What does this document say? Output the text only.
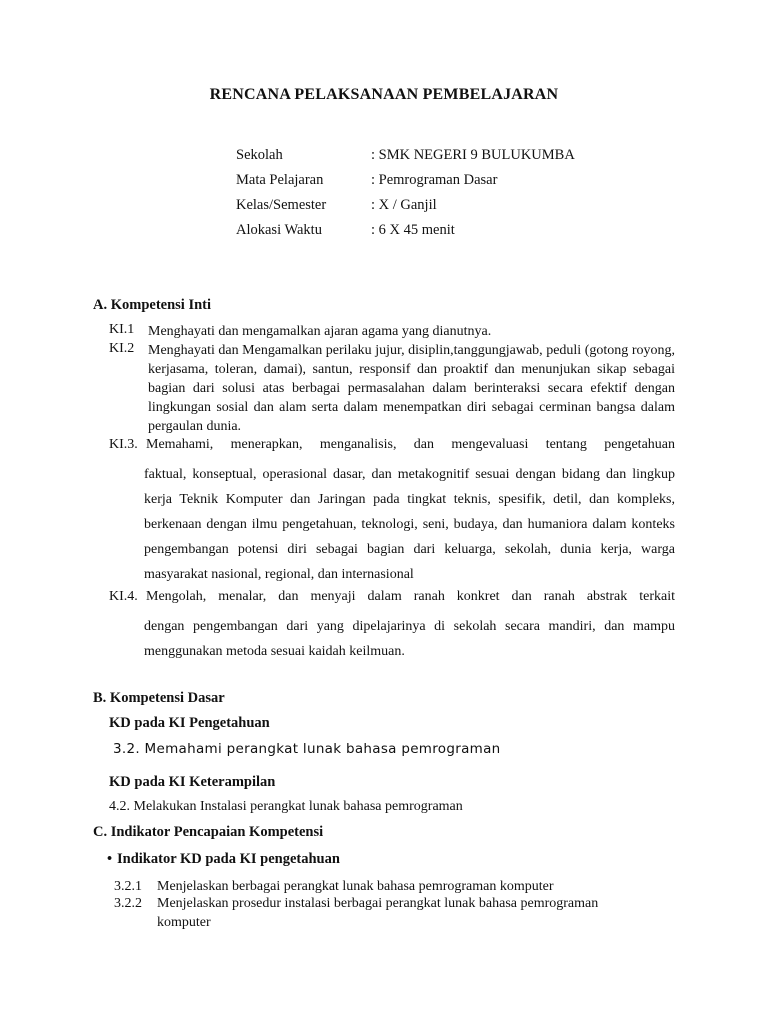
RENCANA PELAKSANAAN PEMBELAJARAN
Sekolah	: SMK NEGERI 9 BULUKUMBA
Mata Pelajaran	: Pemrograman Dasar
Kelas/Semester	: X / Ganjil
Alokasi Waktu	: 6 X 45 menit
A. Kompetensi Inti
KI.1 Menghayati dan mengamalkan ajaran agama yang dianutnya.
KI.2 Menghayati dan Mengamalkan perilaku jujur, disiplin,tanggungjawab, peduli (gotong royong, kerjasama, toleran, damai), santun, responsif dan proaktif dan menunjukan sikap sebagai bagian dari solusi atas berbagai permasalahan dalam berinteraksi secara efektif dengan lingkungan sosial dan alam serta dalam menempatkan diri sebagai cerminan bangsa dalam pergaulan dunia.
KI.3. Memahami, menerapkan, menganalisis, dan mengevaluasi tentang pengetahuan
faktual, konseptual, operasional dasar, dan metakognitif sesuai dengan bidang dan lingkup kerja Teknik Komputer dan Jaringan pada tingkat teknis, spesifik, detil, dan kompleks, berkenaan dengan ilmu pengetahuan, teknologi, seni, budaya, dan humaniora dalam konteks pengembangan potensi diri sebagai bagian dari keluarga, sekolah, dunia kerja, warga masyarakat nasional, regional, dan internasional
KI.4. Mengolah, menalar, dan menyaji dalam ranah konkret dan ranah abstrak terkait
dengan pengembangan dari yang dipelajarinya di sekolah secara mandiri, dan mampu menggunakan metoda sesuai kaidah keilmuan.
B. Kompetensi Dasar
KD pada KI Pengetahuan
3.2. Memahami perangkat lunak bahasa pemrograman
KD pada KI Keterampilan
4.2. Melakukan Instalasi perangkat lunak bahasa pemrograman
C. Indikator Pencapaian Kompetensi
• Indikator KD pada KI pengetahuan
3.2.1 Menjelaskan berbagai perangkat lunak bahasa pemrograman komputer
3.2.2 Menjelaskan prosedur instalasi berbagai perangkat lunak bahasa pemrograman
komputer
